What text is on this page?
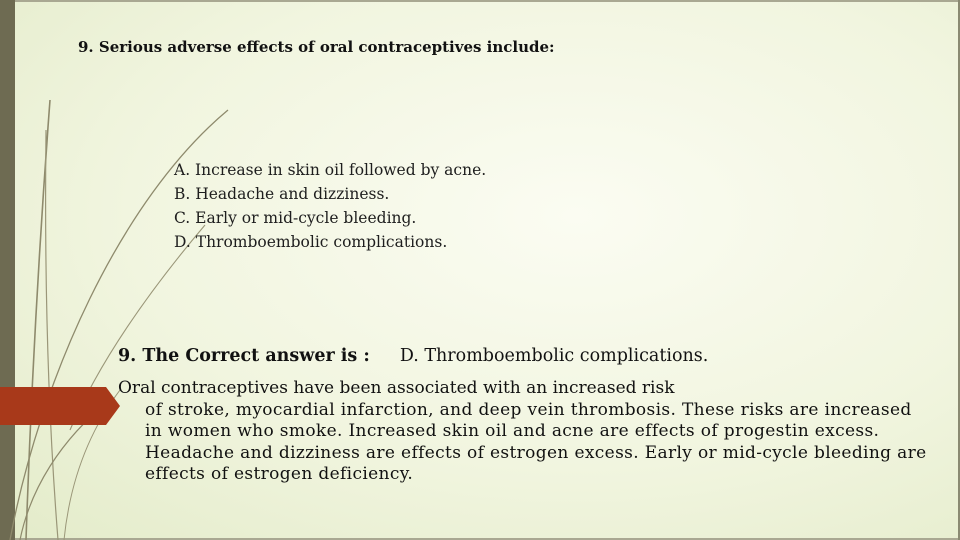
9. Serious adverse effects of oral contraceptives include:

A. Increase in skin oil followed by acne.
B. Headache and dizziness.
C. Early or mid-cycle bleeding.
D. Thromboembolic complications.

9. The Correct answer is : D. Thromboembolic complications.

Oral contraceptives have been associated with an increased risk
of stroke, myocardial infarction, and deep vein thrombosis. These risks are increased in women who smoke. Increased skin oil and acne are effects of progestin excess. Headache and dizziness are effects of estrogen excess. Early or mid-cycle bleeding are effects of estrogen deficiency.
